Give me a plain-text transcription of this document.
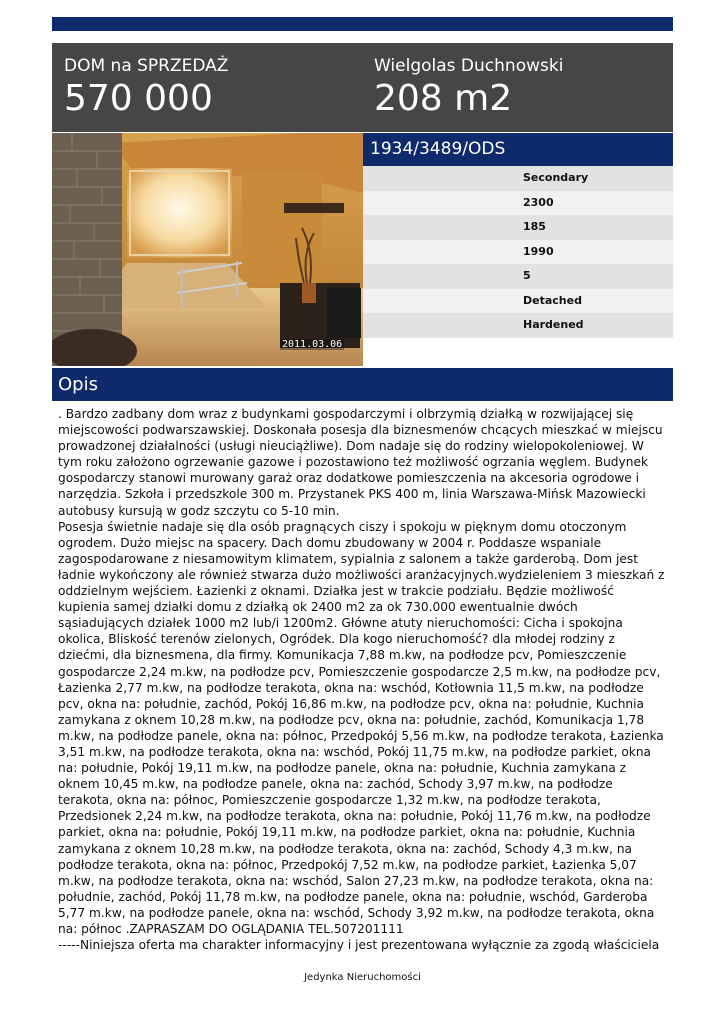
DOM na SPRZEDAŻ
570 000
Wielgolas Duchnowski
208 m2
2011.03.06
1934/3489/ODS
Secondary
2300
185
1990
5
Detached
Hardened
Opis

. Bardzo zadbany dom wraz z budynkami gospodarczymi i olbrzymią działką w rozwijającej się
miejscowości podwarszawskiej. Doskonała posesja dla biznesmenów chcących mieszkać w miejscu
prowadzonej działalności (usługi nieuciążliwe). Dom nadaje się do rodziny wielopokoleniowej. W
tym roku założono ogrzewanie gazowe i pozostawiono też możliwość ogrzania węglem. Budynek
gospodarczy stanowi murowany garaż oraz dodatkowe pomieszczenia na akcesoria ogrodowe i
narzędzia. Szkoła i przedszkole 300 m. Przystanek PKS 400 m, linia Warszawa-Mińsk Mazowiecki
autobusy kursują w godz szczytu co 5-10 min.
Posesja świetnie nadaje się dla osób pragnących ciszy i spokoju w pięknym domu otoczonym
ogrodem. Dużo miejsc na spacery. Dach domu zbudowany w 2004 r. Poddasze wspaniale
zagospodarowane z niesamowitym klimatem, sypialnia z salonem a także garderobą. Dom jest
ładnie wykończony ale również stwarza dużo możliwości aranżacyjnych.wydzieleniem 3 mieszkań z
oddzielnym wejściem. Łazienki z oknami. Działka jest w trakcie podziału. Będzie możliwość
kupienia samej działki domu z działką ok 2400 m2 za ok 730.000 ewentualnie dwóch
sąsiadujących działek 1000 m2 lub/i 1200m2. Główne atuty nieruchomości: Cicha i spokojna
okolica, Bliskość terenów zielonych, Ogródek. Dla kogo nieruchomość? dla młodej rodziny z
dziećmi, dla biznesmena, dla firmy. Komunikacja 7,88 m.kw, na podłodze pcv, Pomieszczenie
gospodarcze 2,24 m.kw, na podłodze pcv, Pomieszczenie gospodarcze 2,5 m.kw, na podłodze pcv,
Łazienka 2,77 m.kw, na podłodze terakota, okna na: wschód, Kotłownia 11,5 m.kw, na podłodze
pcv, okna na: południe, zachód, Pokój 16,86 m.kw, na podłodze pcv, okna na: południe, Kuchnia
zamykana z oknem 10,28 m.kw, na podłodze pcv, okna na: południe, zachód, Komunikacja 1,78
m.kw, na podłodze panele, okna na: północ, Przedpokój 5,56 m.kw, na podłodze terakota, Łazienka
3,51 m.kw, na podłodze terakota, okna na: wschód, Pokój 11,75 m.kw, na podłodze parkiet, okna
na: południe, Pokój 19,11 m.kw, na podłodze panele, okna na: południe, Kuchnia zamykana z
oknem 10,45 m.kw, na podłodze panele, okna na: zachód, Schody 3,97 m.kw, na podłodze
terakota, okna na: północ, Pomieszczenie gospodarcze 1,32 m.kw, na podłodze terakota,
Przedsionek 2,24 m.kw, na podłodze terakota, okna na: południe, Pokój 11,76 m.kw, na podłodze
parkiet, okna na: południe, Pokój 19,11 m.kw, na podłodze parkiet, okna na: południe, Kuchnia
zamykana z oknem 10,28 m.kw, na podłodze terakota, okna na: zachód, Schody 4,3 m.kw, na
podłodze terakota, okna na: północ, Przedpokój 7,52 m.kw, na podłodze parkiet, Łazienka 5,07
m.kw, na podłodze terakota, okna na: wschód, Salon 27,23 m.kw, na podłodze terakota, okna na:
południe, zachód, Pokój 11,78 m.kw, na podłodze panele, okna na: południe, wschód, Garderoba
5,77 m.kw, na podłodze panele, okna na: wschód, Schody 3,92 m.kw, na podłodze terakota, okna
na: północ .ZAPRASZAM DO OGLĄDANIA TEL.507201111
-----Niniejsza oferta ma charakter informacyjny i jest prezentowana wyłącznie za zgodą właściciela

Jedynka Nieruchomości
